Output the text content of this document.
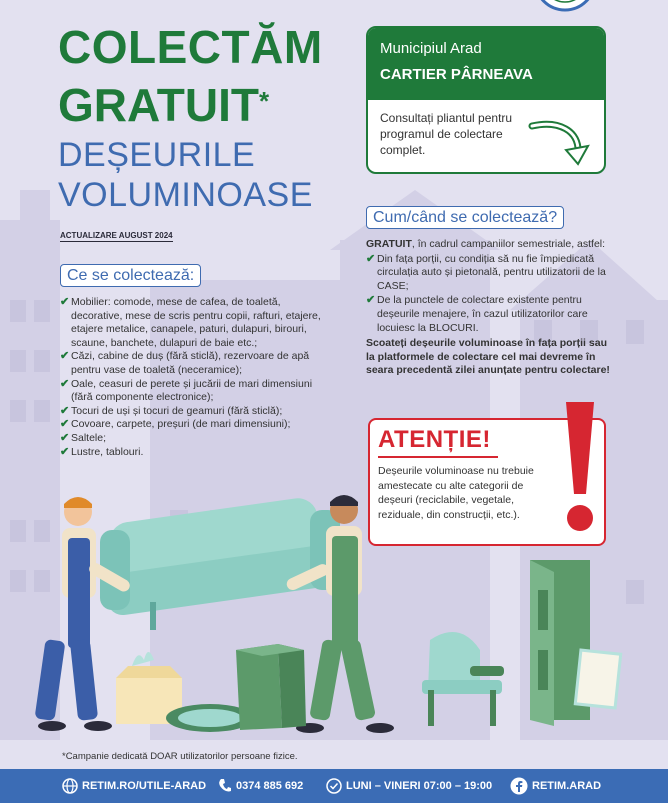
COLECTĂM
GRATUIT*
DEȘEURILE
VOLUMINOASE
ACTUALIZARE AUGUST 2024
Municipiul Arad
CARTIER PÂRNEAVA
Consultați pliantul pentru programul de colectare complet.
Ce se colectează:
✔ Mobilier: comode, mese de cafea, de toaletă, decorative, mese de scris pentru copii, rafturi, etajere, etajere metalice, canapele, paturi, dulapuri, birouri, scaune, banchete, dulapuri de baie etc.;
✔ Căzi, cabine de duș (fără sticlă), rezervoare de apă pentru vase de toaletă (neceramice);
✔ Oale, ceasuri de perete și jucării de mari dimensiuni (fără componente electronice);
✔ Tocuri de uși și tocuri de geamuri (fără sticlă);
✔ Covoare, carpete, preșuri (de mari dimensiuni);
✔ Saltele;
✔ Lustre, tablouri.
Cum/când se colectează?
GRATUIT, în cadrul campaniilor semestriale, astfel:
✔ Din fața porții, cu condiția să nu fie împiedicată circulația auto și pietonală, pentru utilizatorii de la CASE;
✔ De la punctele de colectare existente pentru deșeurile menajere, în cazul utilizatorilor care locuiesc la BLOCURI.
Scoateți deșeurile voluminoase în fața porții sau la platformele de colectare cel mai devreme în seara precedentă zilei anunțate pentru colectare!
ATENȚIE!
Deșeurile voluminoase nu trebuie amestecate cu alte categorii de deșeuri (reciclabile, vegetale, reziduale, din construcții, etc.).
*Campanie dedicată DOAR utilizatorilor persoane fizice.
RETIM.RO/UTILE-ARAD	0374 885 692	LUNI – VINERI 07:00 – 19:00	RETIM.ARAD
